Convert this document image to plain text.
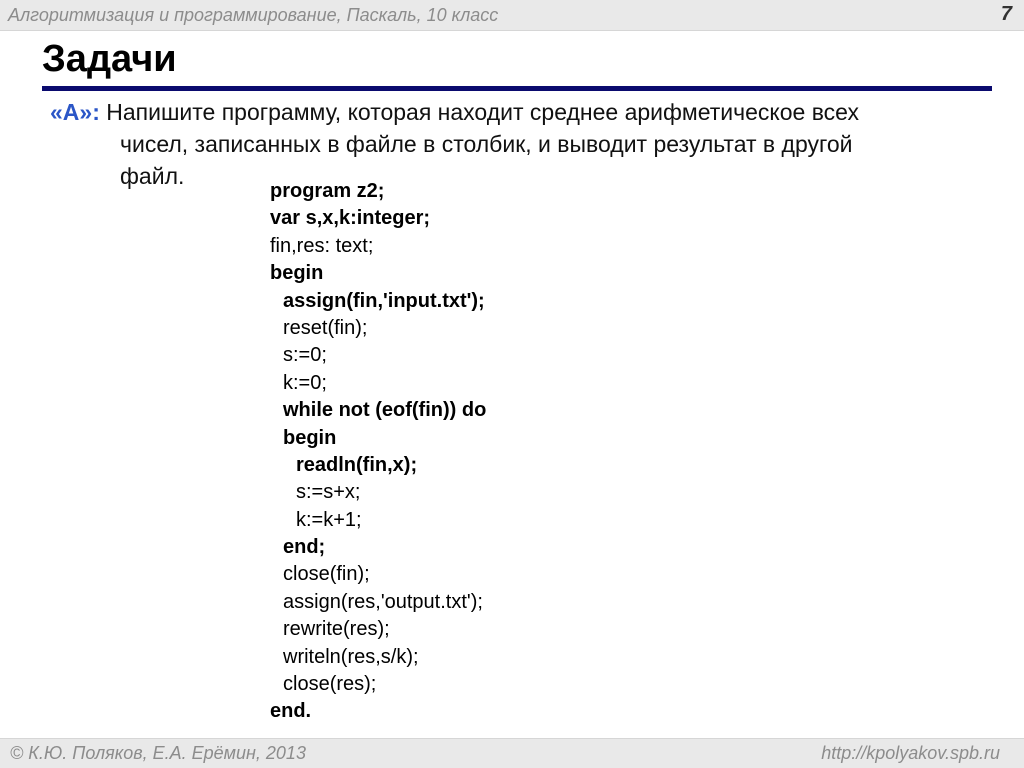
Алгоритмизация и программирование, Паскаль, 10 класс	7
Задачи
«A»: Напишите программу, которая находит среднее арифметическое всех
чисел, записанных в файле в столбик, и выводит результат в другой
файл.
program z2;
var s,x,k:integer;
fin,res: text;
begin
assign(fin,'input.txt');
reset(fin);
s:=0;
k:=0;
while not (eof(fin)) do
begin
readln(fin,x);
s:=s+x;
k:=k+1;
end;
close(fin);
assign(res,'output.txt');
rewrite(res);
writeln(res,s/k);
close(res);
end.
© К.Ю. Поляков, Е.А. Ерёмин, 2013	http://kpolyakov.spb.ru
